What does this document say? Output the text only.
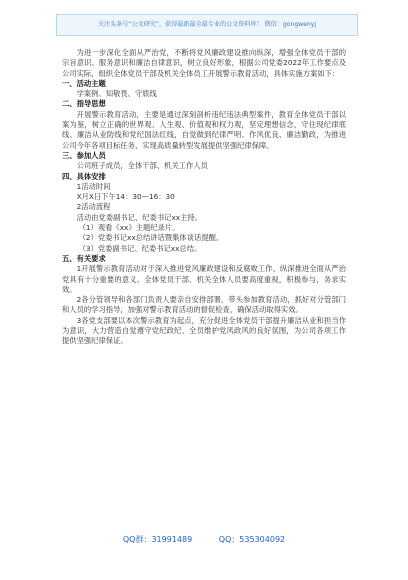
关注头条号“公文研究”，获得最新最全最专业的公文资料库！ 微信：gongwenyj

为进一步深化全面从严治党，不断将党风廉政建设推向纵深，增强全体党员干部的宗旨意识、服务意识和廉洁自律意识，树立良好形象，根据公司党委2022年工作要点及公司实际，组织全体党员干部及机关全体员工开展警示教育活动，具体实施方案如下：

一、活动主题

学案例、知敬畏、守底线

二、指导思想

开展警示教育活动，主要是通过深刻剖析违纪违法典型案件，教育全体党员干部以案为鉴，树立正确的世界观、人生观、价值观和权力观，坚定理想信念，守住现纪律底线、廉洁从业防线和党纪国法红线，自觉做到纪律严明、作风优良、廉洁勤政，为推进公司今年各项目标任务、实现高质量转型发展提供坚强纪律保障。

三、参加人员

公司班子成员，全体干部、机关工作人员

四、具体安排

1活动时间

X月X日下午14：30—16：30

2活动流程

活动由党委副书记、纪委书记xx主持。

（1）观看《xx》主题纪录片。

（2）党委书记xx总结讲话暨集体谈话提醒。

（3）党委副书记、纪委书记xx总结。

五、有关要求

1开展警示教育活动对于深入推进党风廉政建设和反腐败工作、纵深推进全面从严治党具有十分重要的意义。全体党员干部、机关全体人员要高度重视，积极参与，务求实效。

2各分管领导和各部门负责人要亲自安排部署，带头参加教育活动，抓好对分管部门和人员的学习指导，加强对警示教育活动的督促检查，确保活动取得实效。

3各党支部要以本次警示教育为起点，充分促进全体党员干部提升廉洁从业和担当作为意识，大力营造自觉遵守党纪政纪、全员维护党风政风的良好氛围，为公司各项工作提供坚强纪律保证。

QQ群：31991489	QQ：535304092
